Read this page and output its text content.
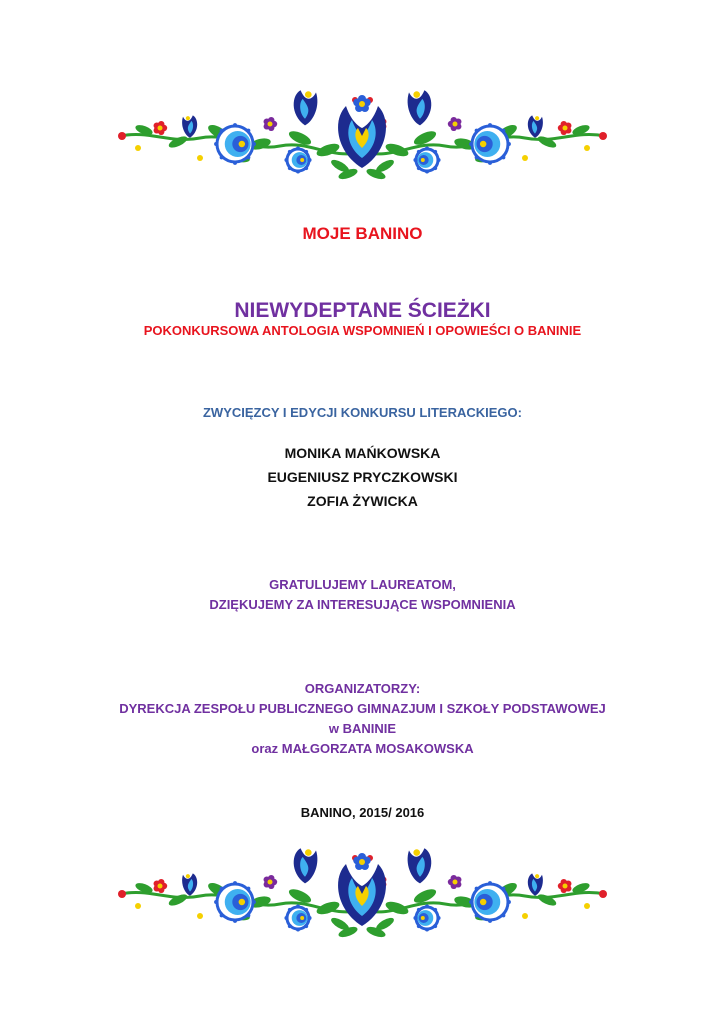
MOJE BANINO
NIEWYDEPTANE ŚCIEŻKI
POKONKURSOWA ANTOLOGIA WSPOMNIEŃ I OPOWIEŚCI O BANINIE
ZWYCIĘZCY I EDYCJI KONKURSU LITERACKIEGO:
MONIKA MAŃKOWSKA
EUGENIUSZ PRYCZKOWSKI
ZOFIA ŻYWICKA
GRATULUJEMY LAUREATOM,
DZIĘKUJEMY ZA INTERESUJĄCE WSPOMNIENIA
ORGANIZATORZY:
DYREKCJA ZESPOŁU PUBLICZNEGO GIMNAZJUM I SZKOŁY PODSTAWOWEJ
w BANINIE
oraz MAŁGORZATA MOSAKOWSKA
BANINO, 2015/ 2016
